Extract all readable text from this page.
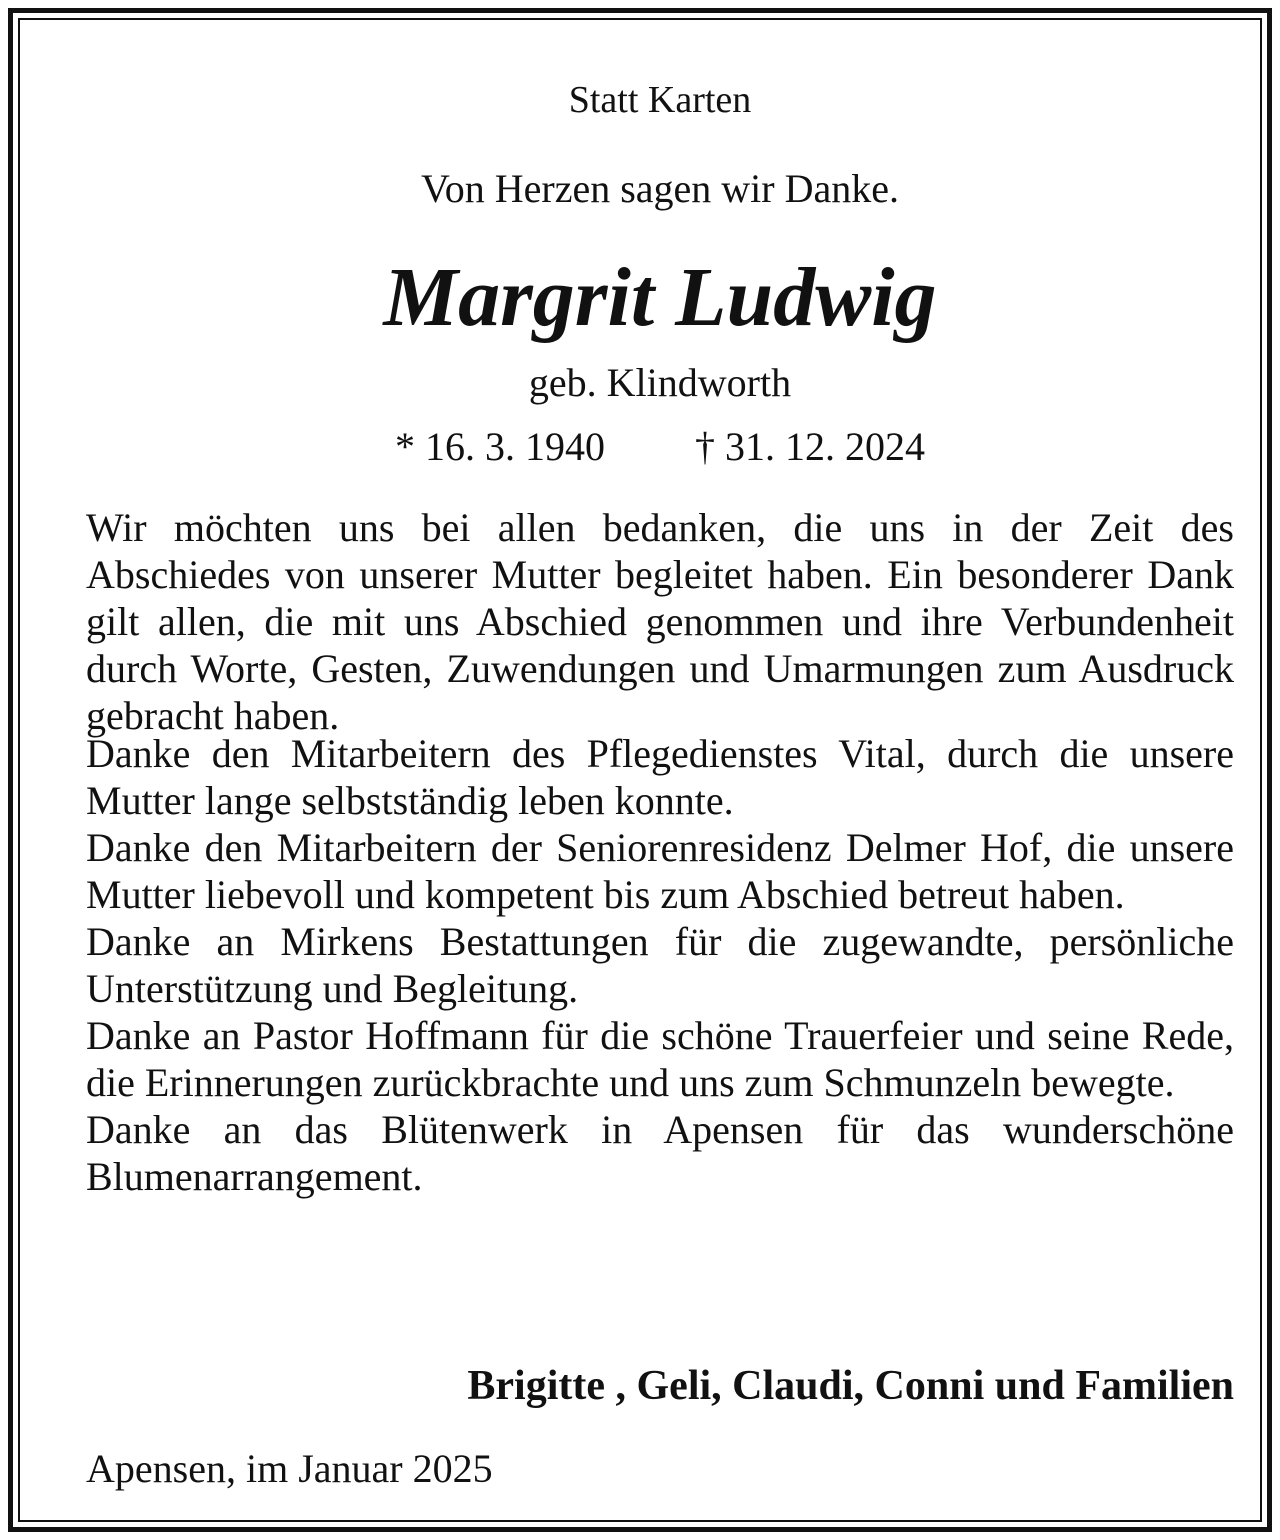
Statt Karten
Von Herzen sagen wir Danke.
Margrit Ludwig
geb. Klindworth
* 16. 3. 1940 † 31. 12. 2024

Wir möchten uns bei allen bedanken, die uns in der Zeit des Abschiedes von unserer Mutter begleitet haben. Ein besonderer Dank gilt allen, die mit uns Abschied genommen und ihre Verbundenheit durch Worte, Gesten, Zuwendungen und Umarmungen zum Ausdruck gebracht haben.

Danke den Mitarbeitern des Pflegedienstes Vital, durch die unsere Mutter lange selbstständig leben konnte.

Danke den Mitarbeitern der Seniorenresidenz Delmer Hof, die unsere Mutter liebevoll und kompetent bis zum Abschied betreut haben.

Danke an Mirkens Bestattungen für die zugewandte, persönliche Unterstützung und Begleitung.

Danke an Pastor Hoffmann für die schöne Trauerfeier und seine Rede, die Erinnerungen zurückbrachte und uns zum Schmunzeln bewegte.

Danke an das Blütenwerk in Apensen für das wunderschöne Blumenarrangement.

Brigitte , Geli, Claudi, Conni und Familien
Apensen, im Januar 2025
